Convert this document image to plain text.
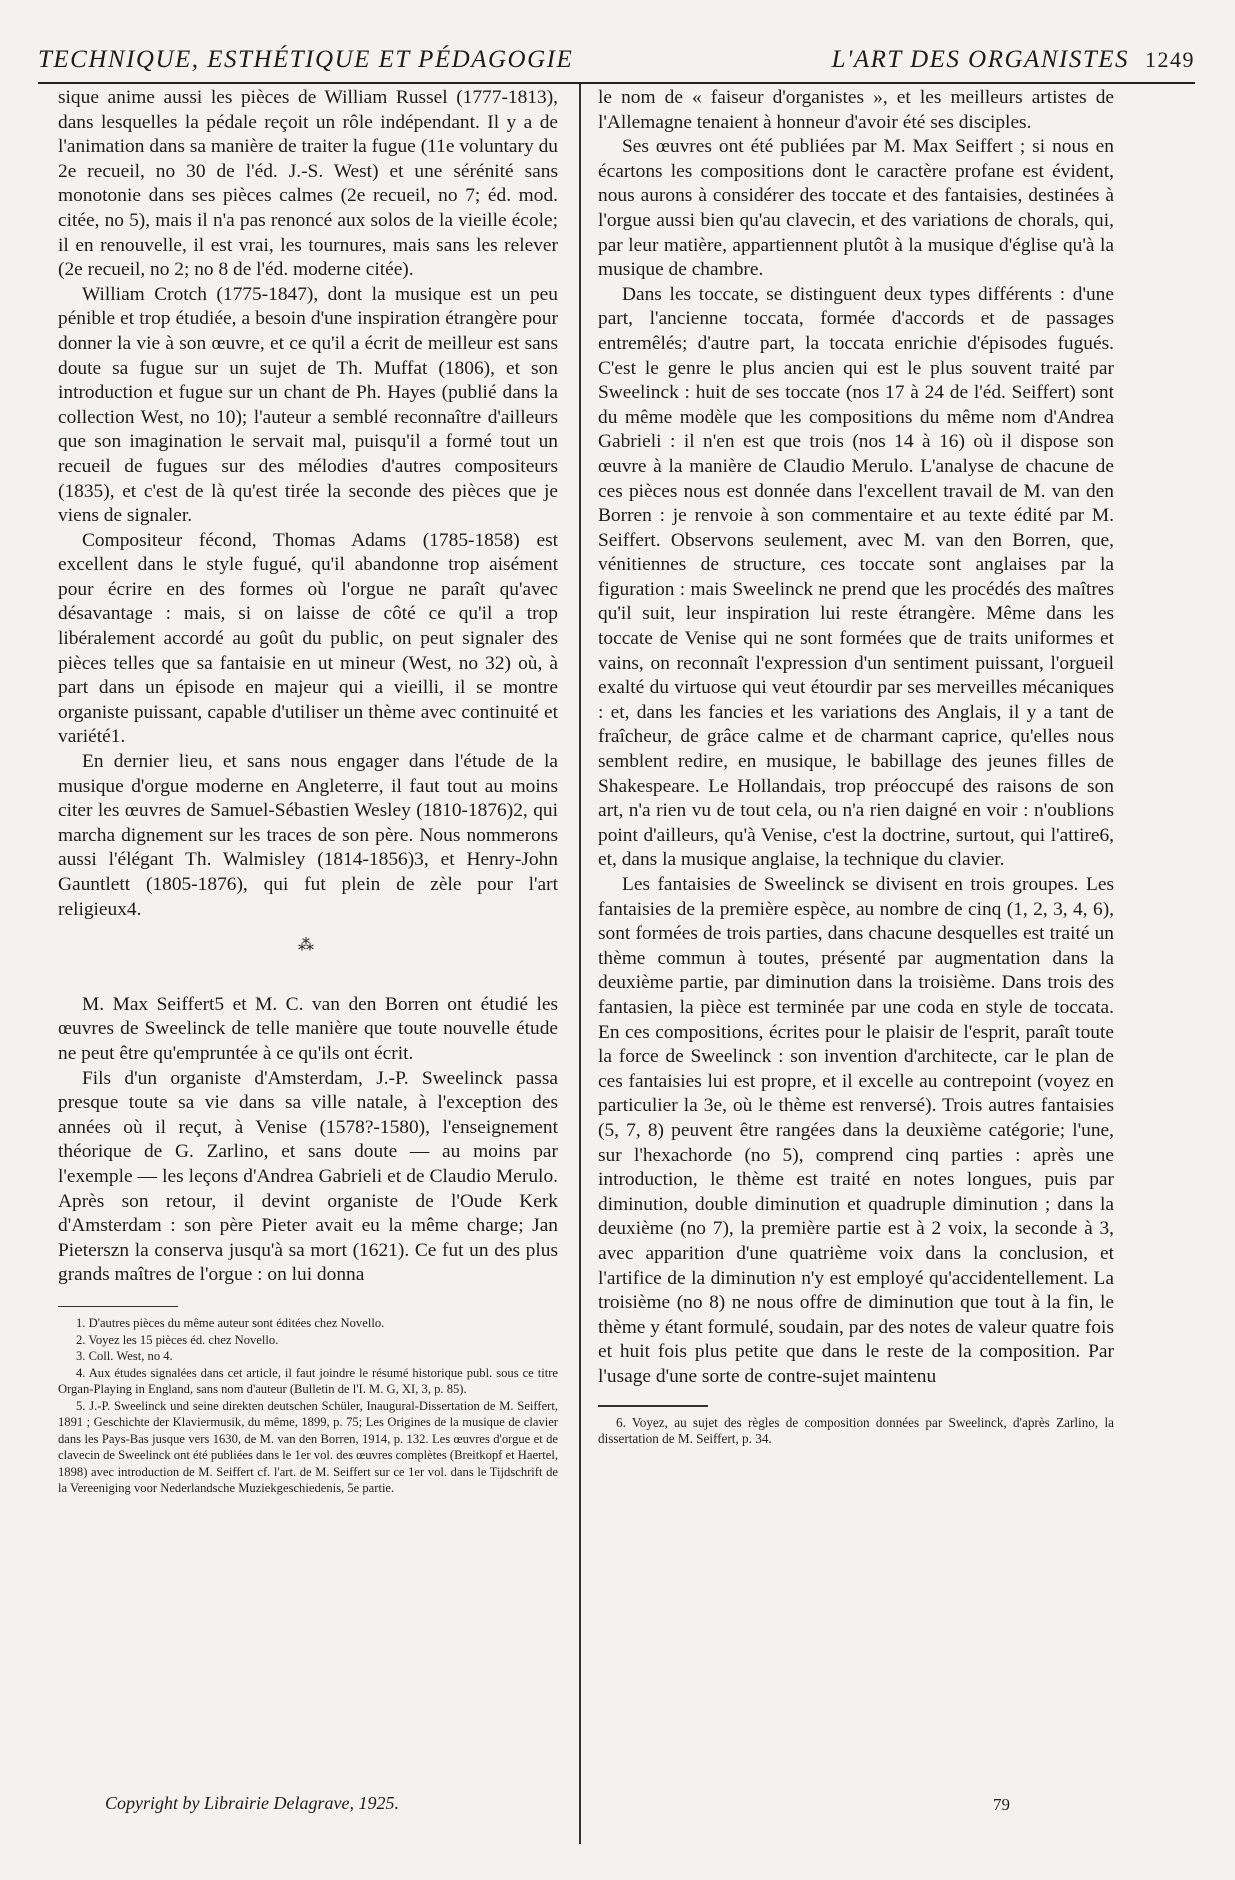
TECHNIQUE, ESTHÉTIQUE ET PÉDAGOGIE	L'ART DES ORGANISTES 1249

sique anime aussi les pièces de William Russel (1777-1813), dans lesquelles la pédale reçoit un rôle indépendant. Il y a de l'animation dans sa manière de traiter la fugue (11e voluntary du 2e recueil, no 30 de l'éd. J.-S. West) et une sérénité sans monotonie dans ses pièces calmes (2e recueil, no 7; éd. mod. citée, no 5), mais il n'a pas renoncé aux solos de la vieille école; il en renouvelle, il est vrai, les tournures, mais sans les relever (2e recueil, no 2; no 8 de l'éd. moderne citée).

William Crotch (1775-1847), dont la musique est un peu pénible et trop étudiée, a besoin d'une inspiration étrangère pour donner la vie à son œuvre, et ce qu'il a écrit de meilleur est sans doute sa fugue sur un sujet de Th. Muffat (1806), et son introduction et fugue sur un chant de Ph. Hayes (publié dans la collection West, no 10); l'auteur a semblé reconnaître d'ailleurs que son imagination le servait mal, puisqu'il a formé tout un recueil de fugues sur des mélodies d'autres compositeurs (1835), et c'est de là qu'est tirée la seconde des pièces que je viens de signaler.

Compositeur fécond, Thomas Adams (1785-1858) est excellent dans le style fugué, qu'il abandonne trop aisément pour écrire en des formes où l'orgue ne paraît qu'avec désavantage : mais, si on laisse de côté ce qu'il a trop libéralement accordé au goût du public, on peut signaler des pièces telles que sa fantaisie en ut mineur (West, no 32) où, à part dans un épisode en majeur qui a vieilli, il se montre organiste puissant, capable d'utiliser un thème avec continuité et variété1.

En dernier lieu, et sans nous engager dans l'étude de la musique d'orgue moderne en Angleterre, il faut tout au moins citer les œuvres de Samuel-Sébastien Wesley (1810-1876)2, qui marcha dignement sur les traces de son père. Nous nommerons aussi l'élégant Th. Walmisley (1814-1856)3, et Henry-John Gauntlett (1805-1876), qui fut plein de zèle pour l'art religieux4.

⁂

M. Max Seiffert5 et M. C. van den Borren ont étudié les œuvres de Sweelinck de telle manière que toute nouvelle étude ne peut être qu'empruntée à ce qu'ils ont écrit.

Fils d'un organiste d'Amsterdam, J.-P. Sweelinck passa presque toute sa vie dans sa ville natale, à l'exception des années où il reçut, à Venise (1578?-1580), l'enseignement théorique de G. Zarlino, et sans doute — au moins par l'exemple — les leçons d'Andrea Gabrieli et de Claudio Merulo. Après son retour, il devint organiste de l'Oude Kerk d'Amsterdam : son père Pieter avait eu la même charge; Jan Pieterszn la conserva jusqu'à sa mort (1621). Ce fut un des plus grands maîtres de l'orgue : on lui donna

1. D'autres pièces du même auteur sont éditées chez Novello.

2. Voyez les 15 pièces éd. chez Novello.

3. Coll. West, no 4.

4. Aux études signalées dans cet article, il faut joindre le résumé historique publ. sous ce titre Organ-Playing in England, sans nom d'auteur (Bulletin de l'I. M. G, XI, 3, p. 85).

5. J.-P. Sweelinck und seine direkten deutschen Schüler, Inaugural-Dissertation de M. Seiffert, 1891 ; Geschichte der Klaviermusik, du même, 1899, p. 75; Les Origines de la musique de clavier dans les Pays-Bas jusque vers 1630, de M. van den Borren, 1914, p. 132. Les œuvres d'orgue et de clavecin de Sweelinck ont été publiées dans le 1er vol. des œuvres complètes (Breitkopf et Haertel, 1898) avec introduction de M. Seiffert cf. l'art. de M. Seiffert sur ce 1er vol. dans le Tijdschrift de la Vereeniging voor Nederlandsche Muziekgeschiedenis, 5e partie.

le nom de « faiseur d'organistes », et les meilleurs artistes de l'Allemagne tenaient à honneur d'avoir été ses disciples.

Ses œuvres ont été publiées par M. Max Seiffert ; si nous en écartons les compositions dont le caractère profane est évident, nous aurons à considérer des toccate et des fantaisies, destinées à l'orgue aussi bien qu'au clavecin, et des variations de chorals, qui, par leur matière, appartiennent plutôt à la musique d'église qu'à la musique de chambre.

Dans les toccate, se distinguent deux types différents : d'une part, l'ancienne toccata, formée d'accords et de passages entremêlés; d'autre part, la toccata enrichie d'épisodes fugués. C'est le genre le plus ancien qui est le plus souvent traité par Sweelinck : huit de ses toccate (nos 17 à 24 de l'éd. Seiffert) sont du même modèle que les compositions du même nom d'Andrea Gabrieli : il n'en est que trois (nos 14 à 16) où il dispose son œuvre à la manière de Claudio Merulo. L'analyse de chacune de ces pièces nous est donnée dans l'excellent travail de M. van den Borren : je renvoie à son commentaire et au texte édité par M. Seiffert. Observons seulement, avec M. van den Borren, que, vénitiennes de structure, ces toccate sont anglaises par la figuration : mais Sweelinck ne prend que les procédés des maîtres qu'il suit, leur inspiration lui reste étrangère. Même dans les toccate de Venise qui ne sont formées que de traits uniformes et vains, on reconnaît l'expression d'un sentiment puissant, l'orgueil exalté du virtuose qui veut étourdir par ses merveilles mécaniques : et, dans les fancies et les variations des Anglais, il y a tant de fraîcheur, de grâce calme et de charmant caprice, qu'elles nous semblent redire, en musique, le babillage des jeunes filles de Shakespeare. Le Hollandais, trop préoccupé des raisons de son art, n'a rien vu de tout cela, ou n'a rien daigné en voir : n'oublions point d'ailleurs, qu'à Venise, c'est la doctrine, surtout, qui l'attire6, et, dans la musique anglaise, la technique du clavier.

Les fantaisies de Sweelinck se divisent en trois groupes. Les fantaisies de la première espèce, au nombre de cinq (1, 2, 3, 4, 6), sont formées de trois parties, dans chacune desquelles est traité un thème commun à toutes, présenté par augmentation dans la deuxième partie, par diminution dans la troisième. Dans trois des fantasien, la pièce est terminée par une coda en style de toccata. En ces compositions, écrites pour le plaisir de l'esprit, paraît toute la force de Sweelinck : son invention d'architecte, car le plan de ces fantaisies lui est propre, et il excelle au contrepoint (voyez en particulier la 3e, où le thème est renversé). Trois autres fantaisies (5, 7, 8) peuvent être rangées dans la deuxième catégorie; l'une, sur l'hexachorde (no 5), comprend cinq parties : après une introduction, le thème est traité en notes longues, puis par diminution, double diminution et quadruple diminution ; dans la deuxième (no 7), la première partie est à 2 voix, la seconde à 3, avec apparition d'une quatrième voix dans la conclusion, et l'artifice de la diminution n'y est employé qu'accidentellement. La troisième (no 8) ne nous offre de diminution que tout à la fin, le thème y étant formulé, soudain, par des notes de valeur quatre fois et huit fois plus petite que dans le reste de la composition. Par l'usage d'une sorte de contre-sujet maintenu

6. Voyez, au sujet des règles de composition données par Sweelinck, d'après Zarlino, la dissertation de M. Seiffert, p. 34.

Copyright by Librairie Delagrave, 1925.	79
